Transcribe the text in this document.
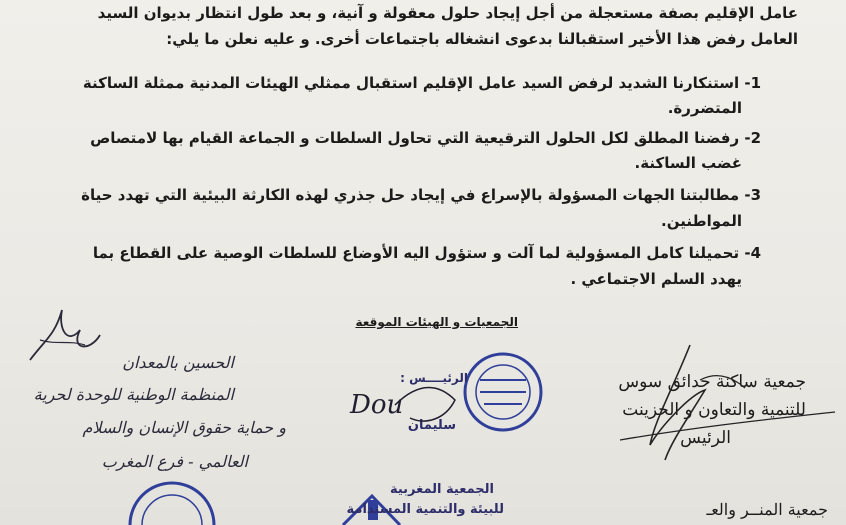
عامل الإقليم بصفة مستعجلة من أجل إيجاد حلول معقولة و آنية، و بعد طول انتظار بديوان السيد
العامل رفض هذا الأخير استقبالنا بدعوى انشغاله باجتماعات أخرى. و عليه نعلن ما يلي:
1- استنكارنا الشديد لرفض السيد عامل الإقليم استقبال ممثلي الهيئات المدنية ممثلة الساكنة
المتضررة.
2- رفضنا المطلق لكل الحلول الترقيعية التي تحاول السلطات و الجماعة القيام بها لامتصاص
غضب الساكنة.
3- مطالبتنا الجهات المسؤولة بالإسراع في إيجاد حل جذري لهذه الكارثة البيئية التي تهدد حياة
المواطنين.
4- تحميلنا كامل المسؤولية لما آلت و ستؤول اليه الأوضاع للسلطات الوصية على القطاع بما
يهدد السلم الاجتماعي .
الجمعيات و الهيئات الموقعة
جمعية ساكنة حدائق سوس
للتنمية والتعاون و الخزينت
الرئيس
الرئيــــس :
Dou
سليمان
الحسين بالمعدان
المنظمة الوطنية للوحدة لحرية
و حماية حقوق الإنسان والسلام
العالمي - فرع المغرب
الجمعية المغربية
للبيئة والتنمية المستدامة	جمعية المنــر والعـ
